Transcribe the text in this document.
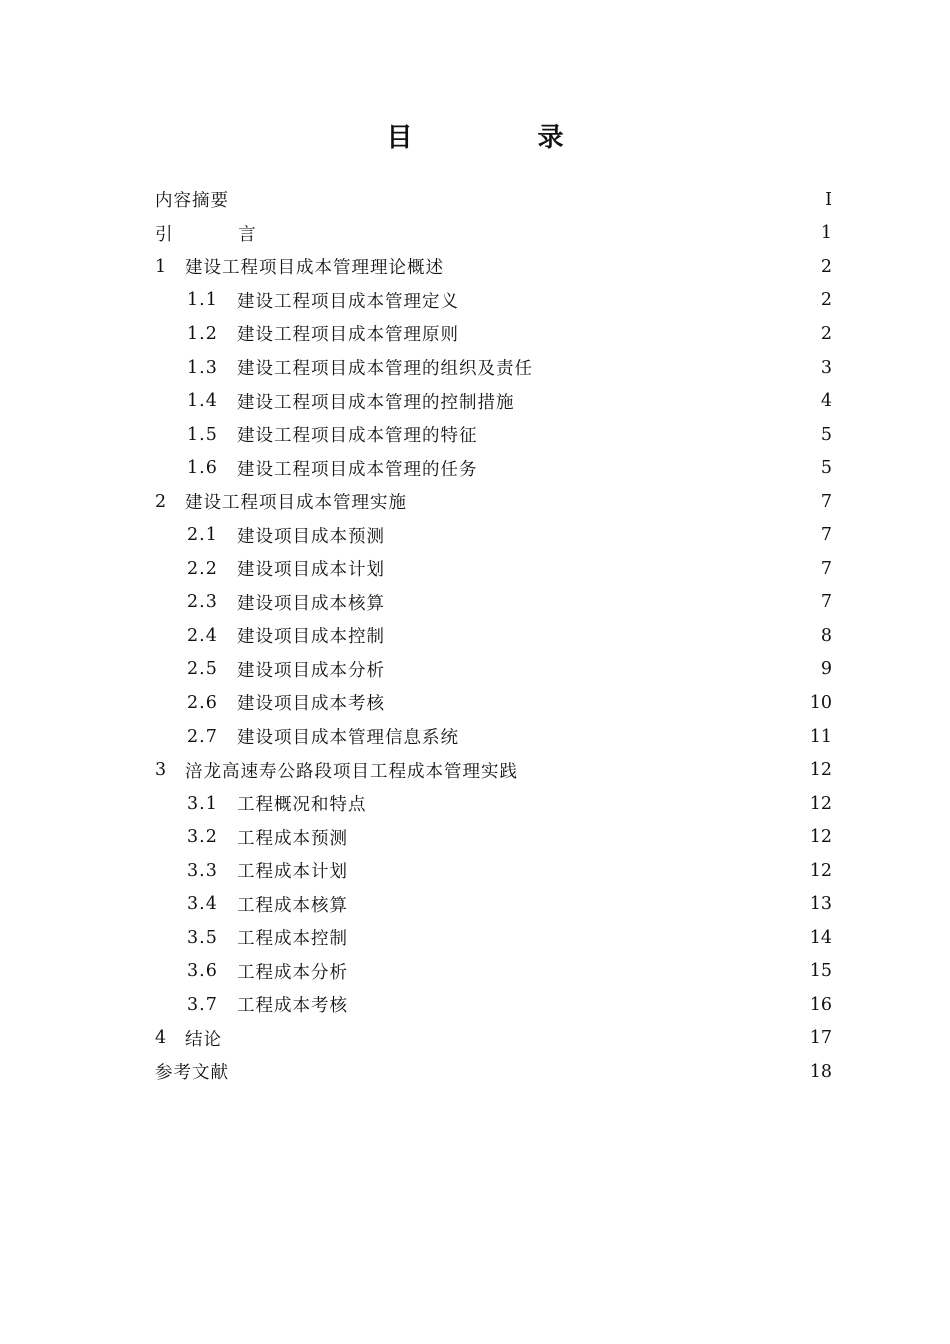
目 录
内容摘要	I
引 言	1
1	建设工程项目成本管理理论概述	2
1.1	建设工程项目成本管理定义	2
1.2	建设工程项目成本管理原则	2
1.3	建设工程项目成本管理的组织及责任	3
1.4	建设工程项目成本管理的控制措施	4
1.5	建设工程项目成本管理的特征	5
1.6	建设工程项目成本管理的任务	5
2	建设工程项目成本管理实施	7
2.1	建设项目成本预测	7
2.2	建设项目成本计划	7
2.3	建设项目成本核算	7
2.4	建设项目成本控制	8
2.5	建设项目成本分析	9
2.6	建设项目成本考核	10
2.7	建设项目成本管理信息系统	11
3	涪龙高速寿公路段项目工程成本管理实践	12
3.1	工程概况和特点	12
3.2	工程成本预测	12
3.3	工程成本计划	12
3.4	工程成本核算	13
3.5	工程成本控制	14
3.6	工程成本分析	15
3.7	工程成本考核	16
4	结论	17
参考文献	18
